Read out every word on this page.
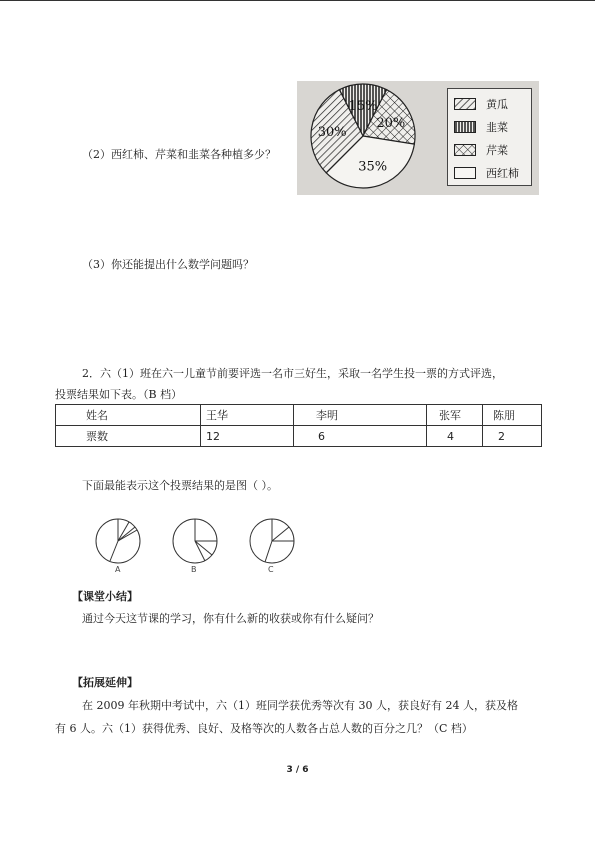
（2）西红柿、芹菜和韭菜各种植多少？
15%
20%
35%
30%
黄瓜
韭菜
芹菜
西红柿
（3）你还能提出什么数学问题吗？
2．六（1）班在六一儿童节前要评选一名市三好生，采取一名学生投一票的方式评选，
投票结果如下表。（B 档）
姓名	王华	李明	张军	陈朋
票数	12	6	4	2
下面最能表示这个投票结果的是图（ ）。
A	B	C
【课堂小结】
通过今天这节课的学习，你有什么新的收获或你有什么疑问？
【拓展延伸】
在 2009 年秋期中考试中，六（1）班同学获优秀等次有 30 人，获良好有 24 人，获及格
有 6 人。六（1）获得优秀、良好、及格等次的人数各占总人数的百分之几？（C 档）
3 / 6
